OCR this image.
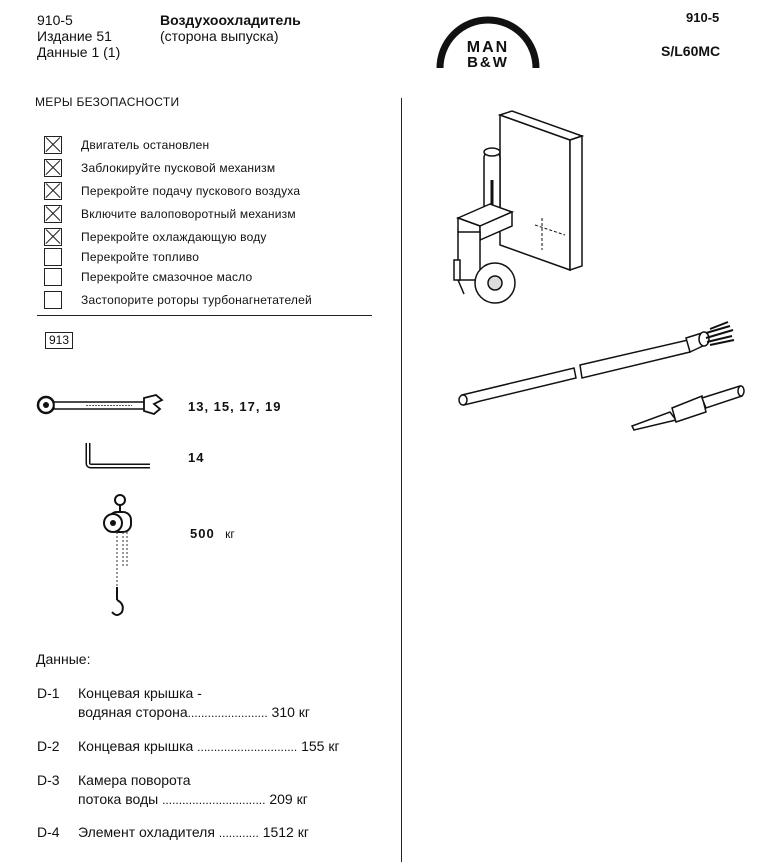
910-5
Издание 51
Данные 1 (1)
Воздухоохладитель
(сторона выпуска)
MAN
B&W
910-5
S/L60MC
МЕРЫ БЕЗОПАСНОСТИ
Двигатель остановлен
Заблокируйте пусковой механизм
Перекройте подачу пускового воздуха
Включите валоповоротный механизм
Перекройте охлаждающую воду
Перекройте топливо
Перекройте смазочное масло
Застопорите роторы турбонагнетателей
913
13, 15, 17, 19
14
500 кг
Данные:
D-1	Концевая крышка -
водяная сторона........................ 310 кг
D-2	Концевая крышка .............................. 155 кг
D-3	Камера поворота
потока воды ............................... 209 кг
D-4	Элемент охладителя ............ 1512 кг
